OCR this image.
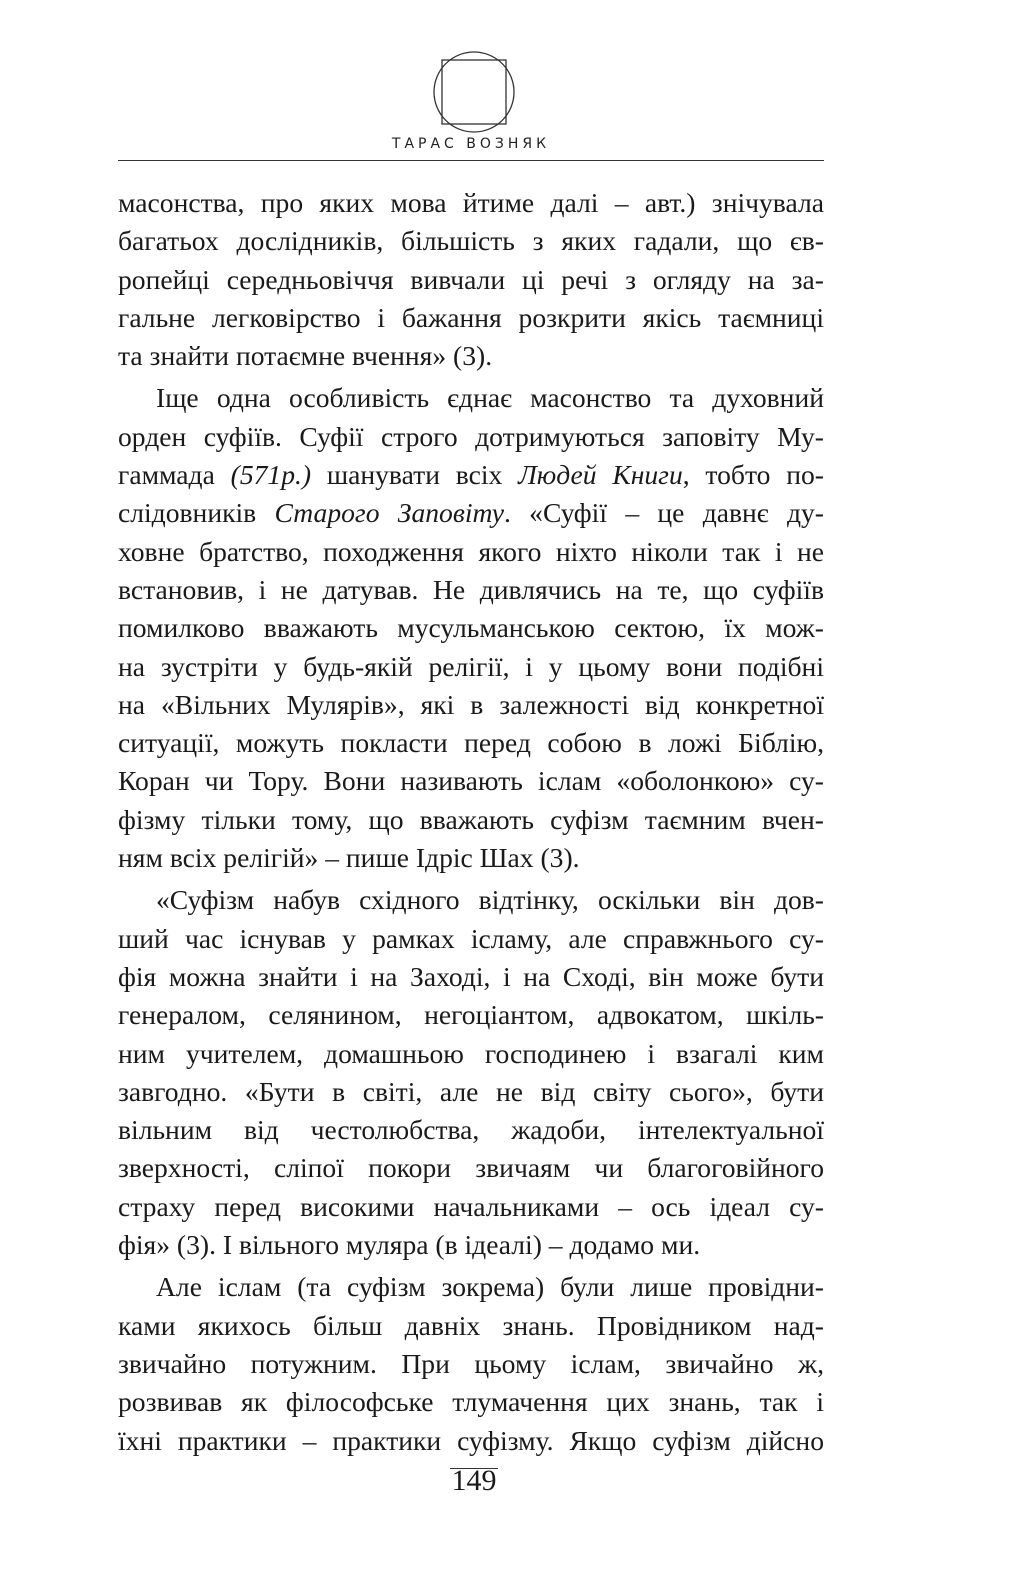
ТАРАС ВОЗНЯК
масонства, про яких мова йтиме далі – авт.) знічувала
багатьох дослідників, більшість з яких гадали, що єв-
ропейці середньовіччя вивчали ці речі з огляду на за-
гальне легковірство і бажання розкрити якісь таємниці
та знайти потаємне вчення» (3).
Іще одна особливість єднає масонство та духовний
орден суфіїв. Суфії строго дотримуються заповіту Му-
гаммада (571р.) шанувати всіх Людей Книги, тобто по-
слідовників Старого Заповіту. «Суфії – це давнє ду-
ховне братство, походження якого ніхто ніколи так і не
встановив, і не датував. Не дивлячись на те, що суфіїв
помилково вважають мусульманською сектою, їх мож-
на зустріти у будь-якій релігії, і у цьому вони подібні
на «Вільних Мулярів», які в залежності від конкретної
ситуації, можуть покласти перед собою в ложі Біблію,
Коран чи Тору. Вони називають іслам «оболонкою» су-
фізму тільки тому, що вважають суфізм таємним вчен-
ням всіх релігій» – пише Ідріс Шах (3).
«Суфізм набув східного відтінку, оскільки він дов-
ший час існував у рамках ісламу, але справжнього су-
фія можна знайти і на Заході, і на Сході, він може бути
генералом, селянином, негоціантом, адвокатом, шкіль-
ним учителем, домашньою господинею і взагалі ким
завгодно. «Бути в світі, але не від світу сього», бути
вільним від честолюбства, жадоби, інтелектуальної
зверхності, сліпої покори звичаям чи благоговійного
страху перед високими начальниками – ось ідеал су-
фія» (3). І вільного муляра (в ідеалі) – додамо ми.
Але іслам (та суфізм зокрема) були лише провідни-
ками якихось більш давніх знань. Провідником над-
звичайно потужним. При цьому іслам, звичайно ж,
розвивав як філософське тлумачення цих знань, так і
їхні практики – практики суфізму. Якщо суфізм дійсно
149
